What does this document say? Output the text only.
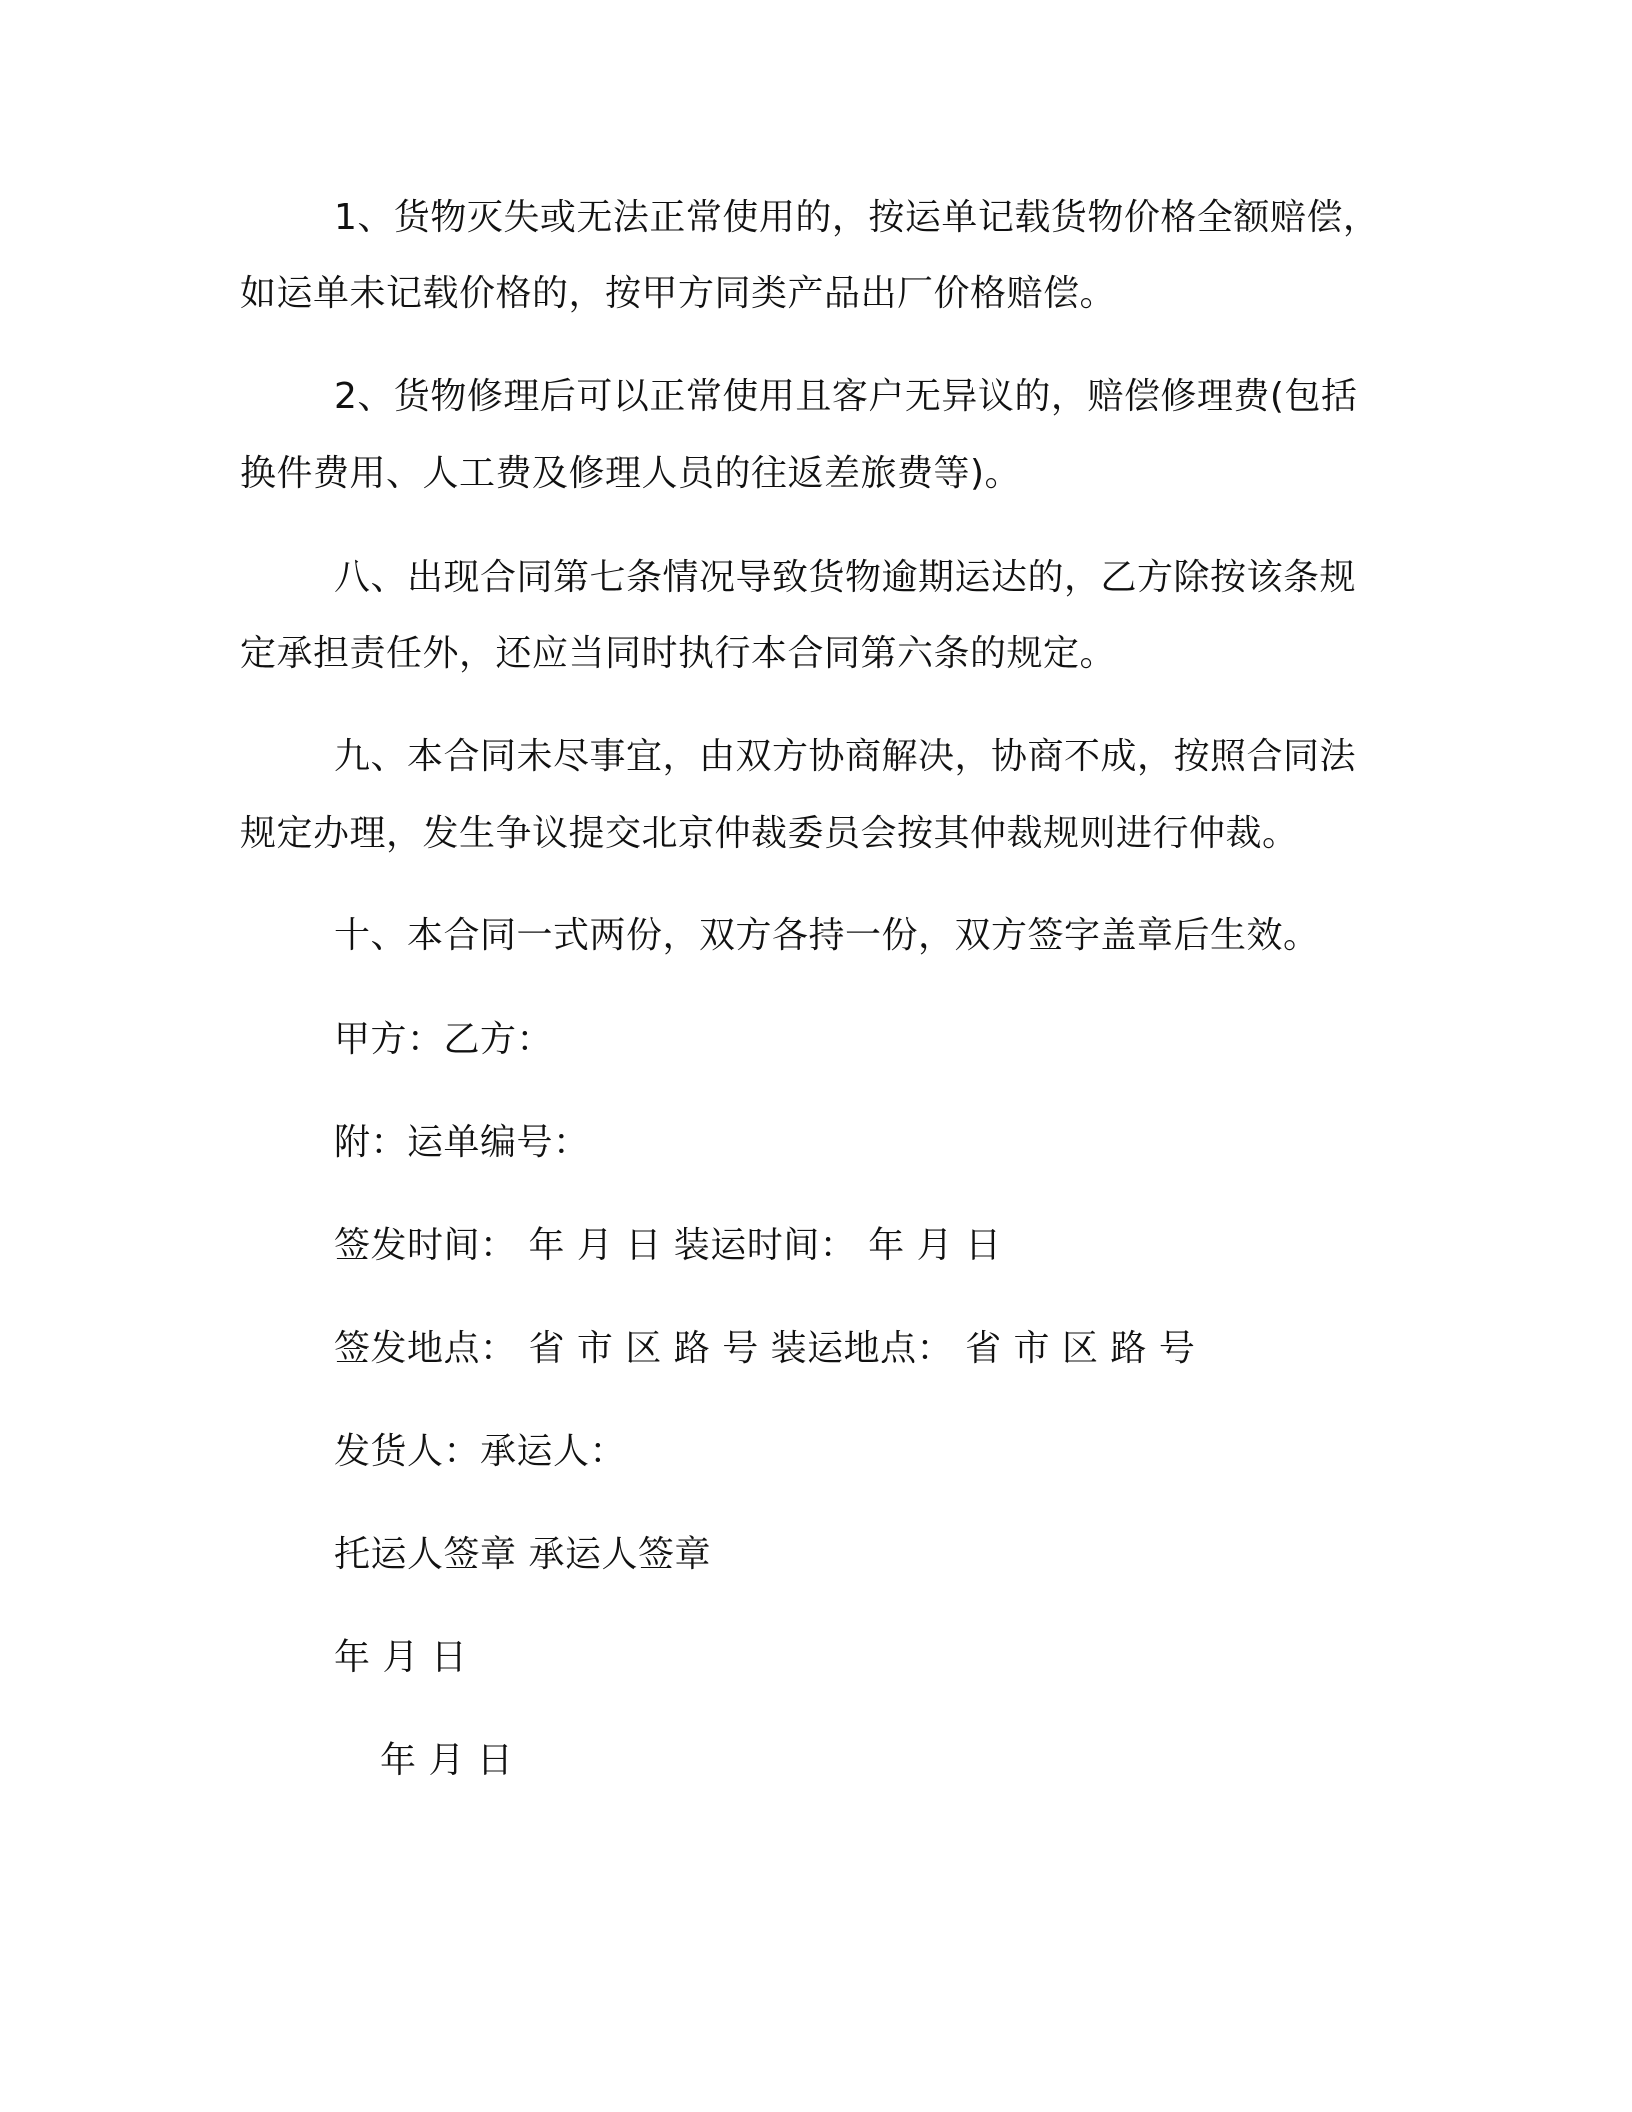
1、货物灭失或无法正常使用的，按运单记载货物价格全额赔偿，
如运单未记载价格的，按甲方同类产品出厂价格赔偿。
2、货物修理后可以正常使用且客户无异议的，赔偿修理费(包括
换件费用、人工费及修理人员的往返差旅费等)。
八、出现合同第七条情况导致货物逾期运达的，乙方除按该条规
定承担责任外，还应当同时执行本合同第六条的规定。
九、本合同未尽事宜，由双方协商解决，协商不成，按照合同法
规定办理，发生争议提交北京仲裁委员会按其仲裁规则进行仲裁。
十、本合同一式两份，双方各持一份，双方签字盖章后生效。
甲方：乙方：
附：运单编号：
签发时间： 年 月 日 装运时间： 年 月 日
签发地点： 省 市 区 路 号 装运地点： 省 市 区 路 号
发货人：承运人：
托运人签章 承运人签章
年 月 日
年 月 日
